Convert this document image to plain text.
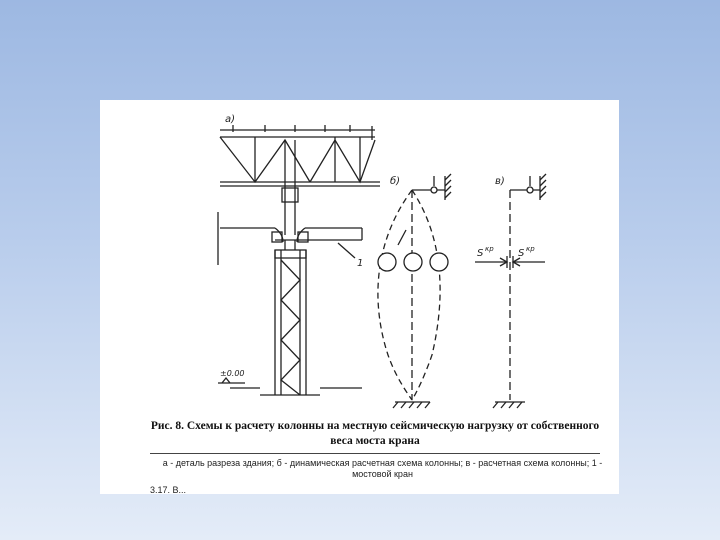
a)
б)	в)
1
±0.00
S кр S кр
Рис. 8. Схемы к расчету колонны на местную сейсмическую нагрузку от собственного веса моста крана
а - деталь разреза здания; б - динамическая расчетная схема колонны; в - расчетная схема колонны; 1 - мостовой кран
3.17. В...
